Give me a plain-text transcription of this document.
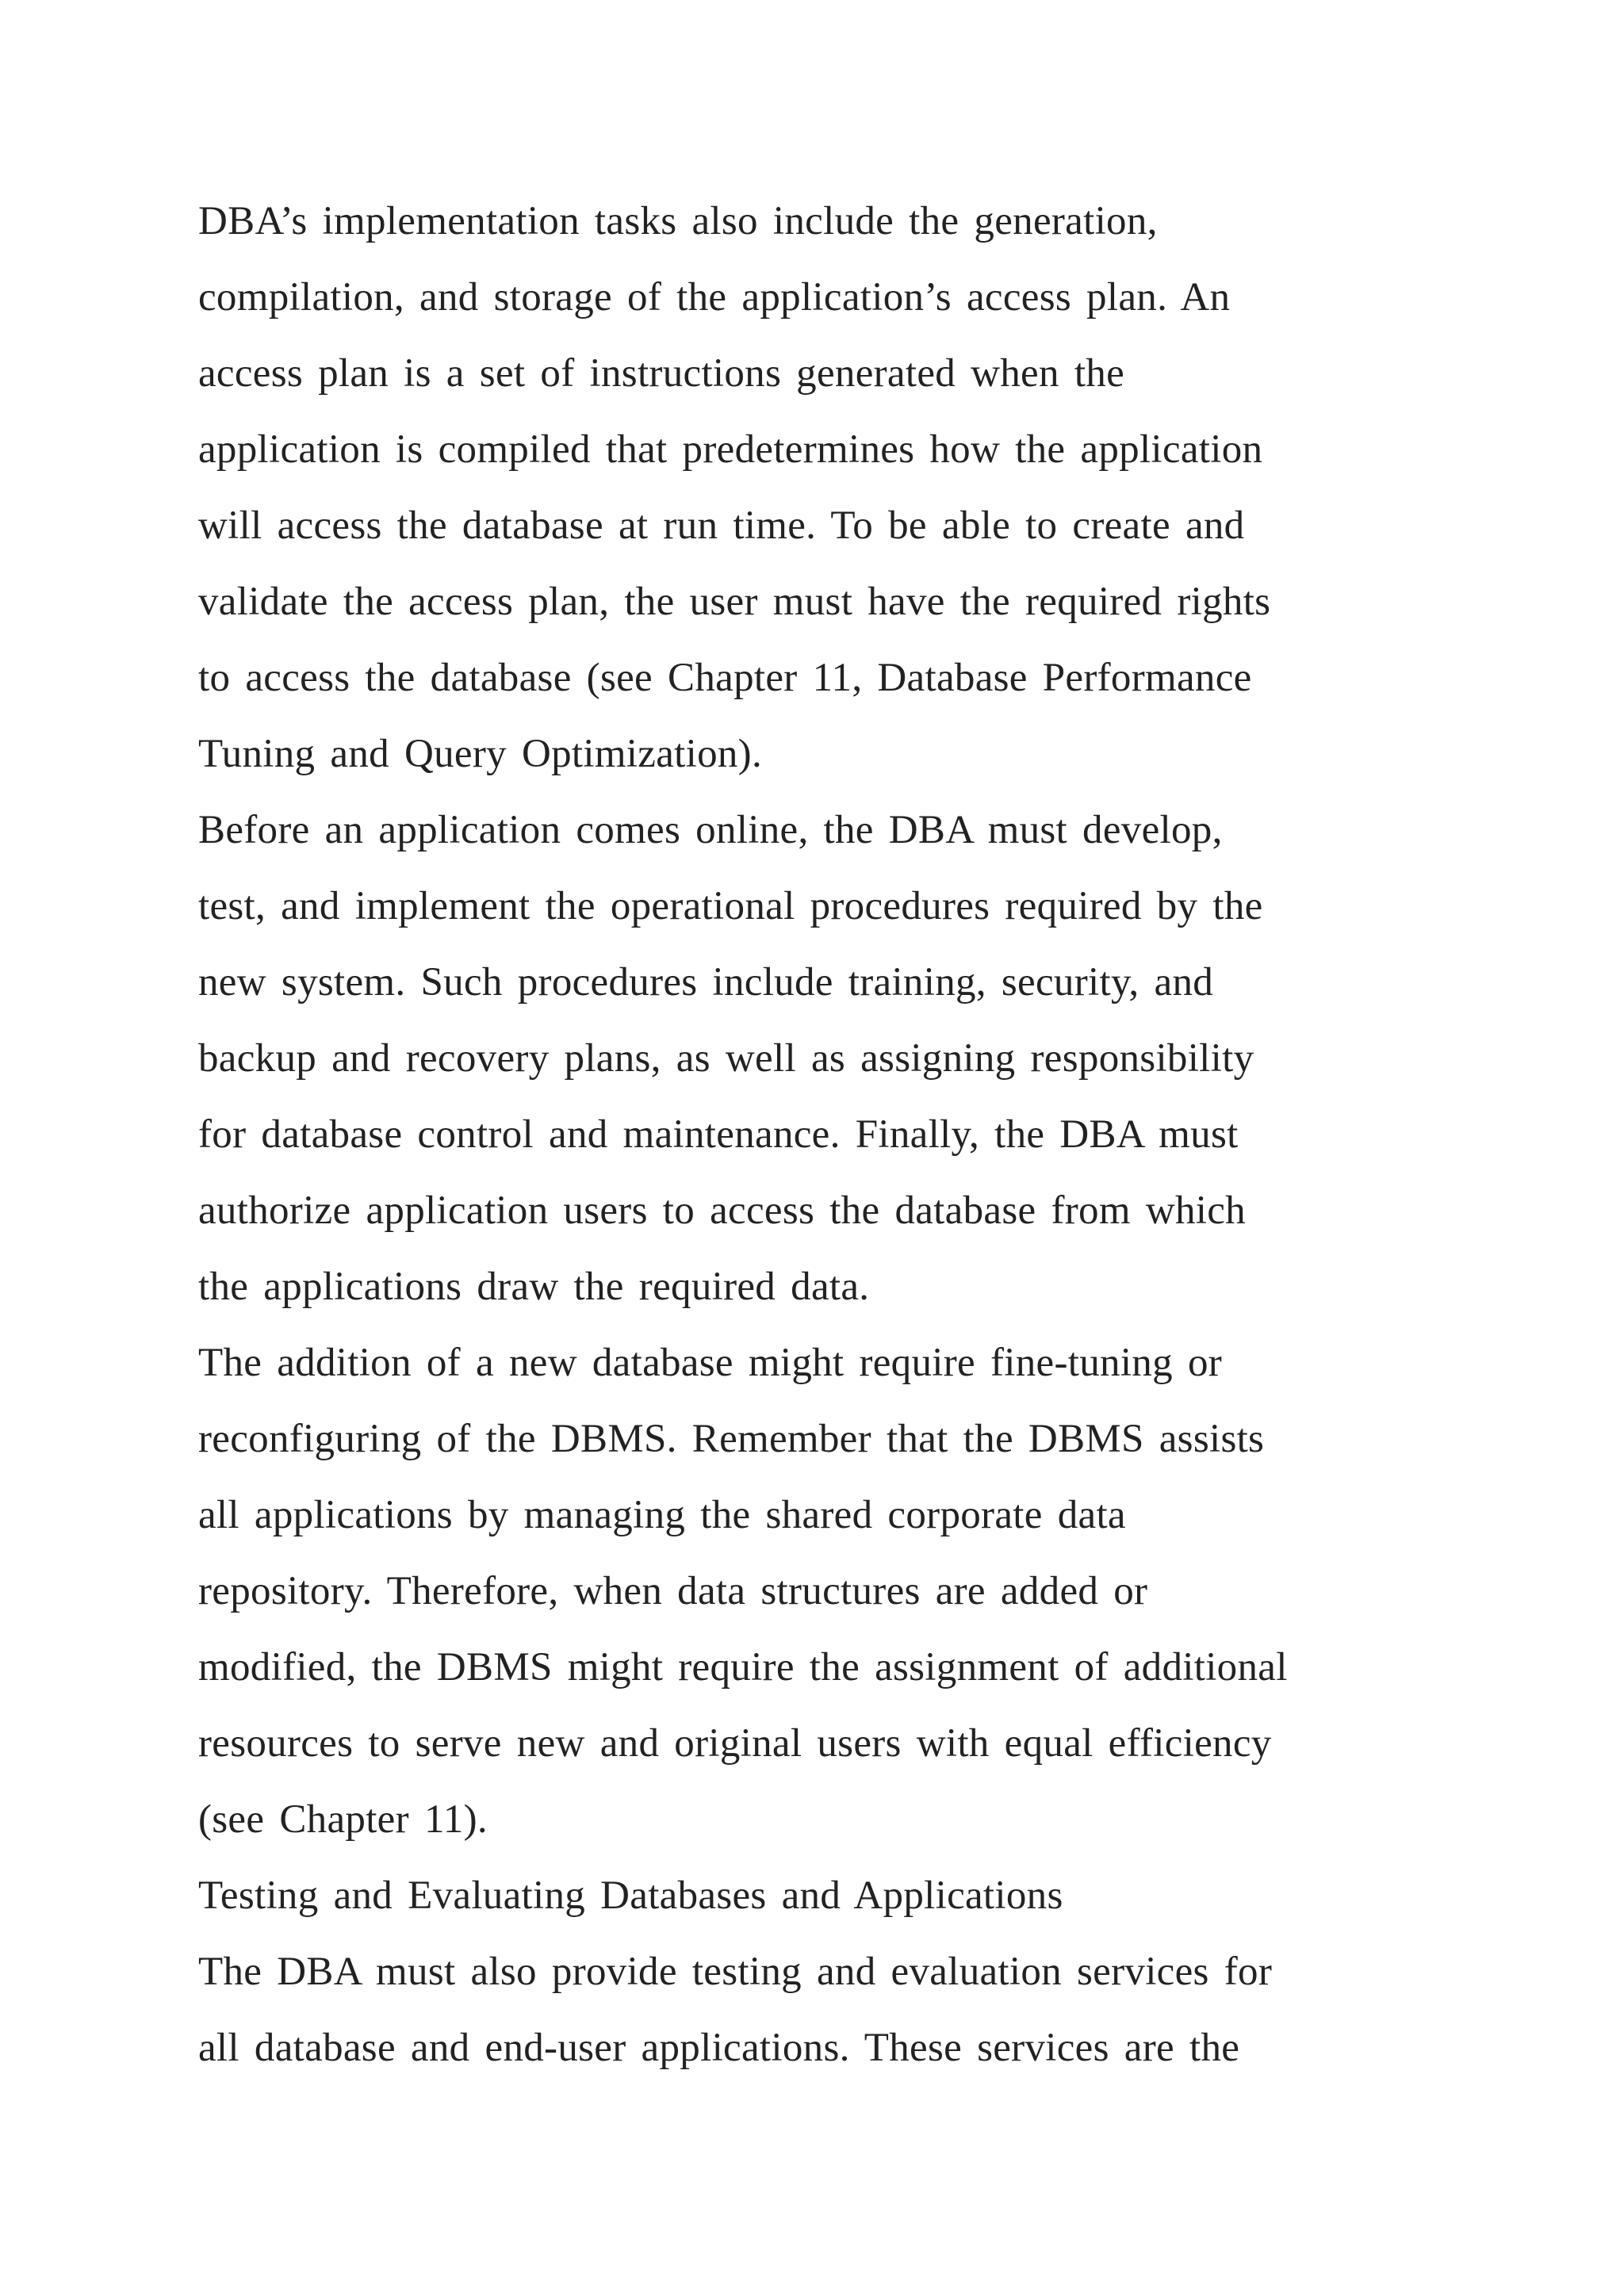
DBA’s implementation tasks also include the generation,

compilation, and storage of the application’s access plan. An

access plan is a set of instructions generated when the

application is compiled that predetermines how the application

will access the database at run time. To be able to create and

validate the access plan, the user must have the required rights

to access the database (see Chapter 11, Database Performance

Tuning and Query Optimization).

Before an application comes online, the DBA must develop,

test, and implement the operational procedures required by the

new system. Such procedures include training, security, and

backup and recovery plans, as well as assigning responsibility

for database control and maintenance. Finally, the DBA must

authorize application users to access the database from which

the applications draw the required data.

The addition of a new database might require fine-tuning or

reconfiguring of the DBMS. Remember that the DBMS assists

all applications by managing the shared corporate data

repository. Therefore, when data structures are added or

modified, the DBMS might require the assignment of additional

resources to serve new and original users with equal efficiency

(see Chapter 11).

Testing and Evaluating Databases and Applications

The DBA must also provide testing and evaluation services for

all database and end-user applications. These services are the
